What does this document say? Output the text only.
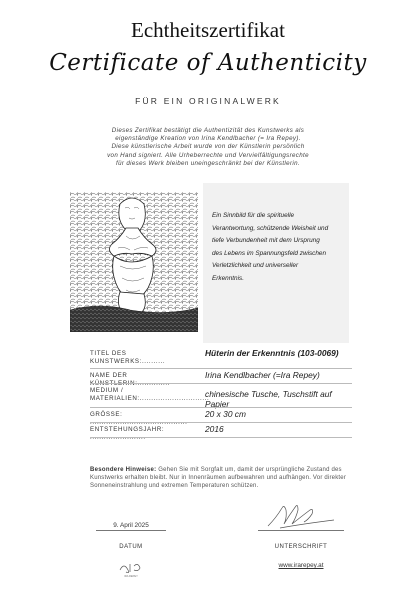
Echtheitszertifikat
Certificate of Authenticity
FÜR EIN ORIGINALWERK
Dieses Zertifikat bestätigt die Authentizität des Kunstwerks als
eigenständige Kreation von Irina Kendlbacher (= Ira Repey).
Diese künstlerische Arbeit wurde von der Künstlerin persönlich
von Hand signiert. Alle Urheberrechte und Vervielfältigungsrechte
für dieses Werk bleiben uneingeschränkt bei der Künstlerin.
Ein Sinnbild für die spirituelle
Verantwortung, schützende Weisheit und
tiefe Verbundenheit mit dem Ursprung
des Lebens im Spannungsfeld zwischen
Verletzlichkeit und universeller
Erkenntnis.
TITEL DES KUNSTWERKS:..........
Hüterin der Erkenntnis (103-0069)
NAME DER KÜNSTLERIN:..............
Irina Kendlbacher (=Ira Repey)
MEDIUM /
MATERIALIEN:..............................
chinesische Tusche, Tuschstift auf Papier
GRÖSSE: ..........................................
20 x 30 cm
ENTSTEHUNGSJAHR: ........................
2016
Besondere Hinweise: Gehen Sie mit Sorgfalt um, damit der ursprüngliche Zustand des Kunstwerks erhalten bleibt. Nur in Innenräumen aufbewahren und aufhängen. Vor direkter Sonneneinstrahlung und extremen Temperaturen schützen.
9. April 2025
DATUM	UNTERSCHRIFT
www.irarepey.at
IRA REPEY
